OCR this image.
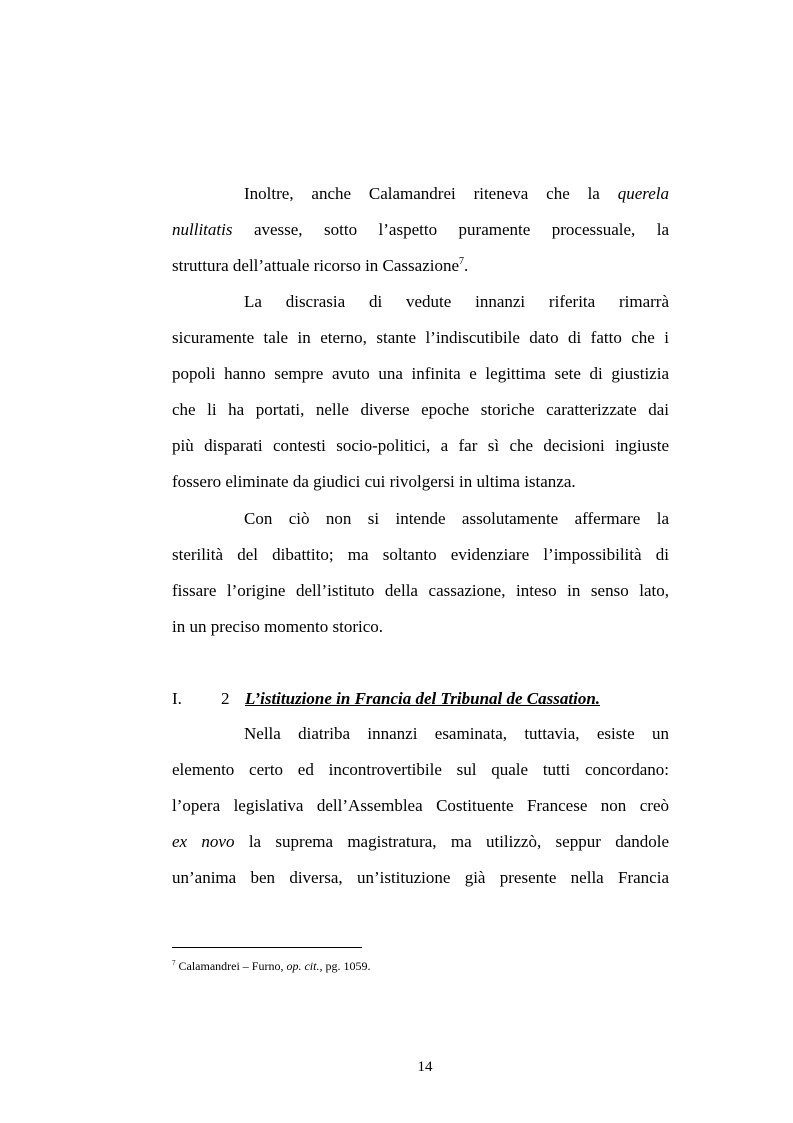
Inoltre, anche Calamandrei riteneva che la querela
nullitatis avesse, sotto l’aspetto puramente processuale, la
struttura dell’attuale ricorso in Cassazione$^7$.
La discrasia di vedute innanzi riferita rimarrà
sicuramente tale in eterno, stante l’indiscutibile dato di fatto che i
popoli hanno sempre avuto una infinita e legittima sete di giustizia
che li ha portati, nelle diverse epoche storiche caratterizzate dai
più disparati contesti socio-politici, a far sì che decisioni ingiuste
fossero eliminate da giudici cui rivolgersi in ultima istanza.
Con ciò non si intende assolutamente affermare la
sterilità del dibattito; ma soltanto evidenziare l’impossibilità di
fissare l’origine dell’istituto della cassazione, inteso in senso lato,
in un preciso momento storico.
I. 2 L’istituzione in Francia del Tribunal de Cassation.
Nella diatriba innanzi esaminata, tuttavia, esiste un
elemento certo ed incontrovertibile sul quale tutti concordano:
l’opera legislativa dell’Assemblea Costituente Francese non creò
ex novo la suprema magistratura, ma utilizzò, seppur dandole
un’anima ben diversa, un’istituzione già presente nella Francia
$^7$ Calamandrei – Furno, op. cit., pg. 1059.
14
